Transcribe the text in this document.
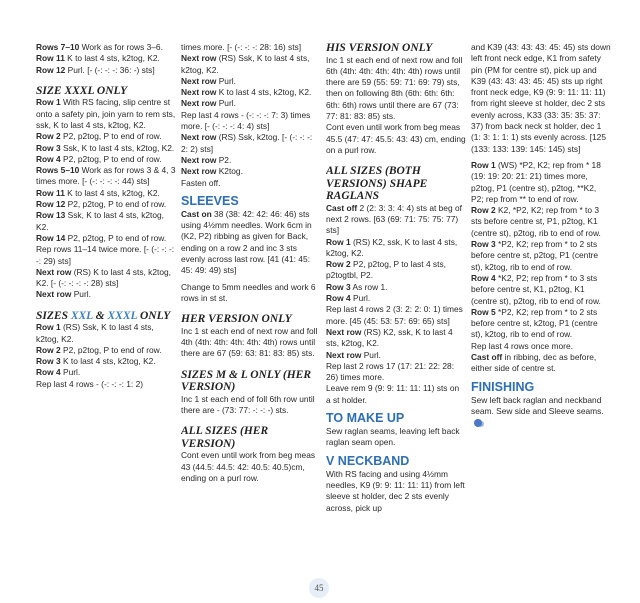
Rows 7–10 Work as for rows 3–6.

Row 11 K to last 4 sts, k2tog, K2.

Row 12 Purl. [- (-: -: -: 36: -) sts]

SIZE XXXL ONLY

Row 1 With RS facing, slip centre st onto a safety pin, join yarn to rem sts, ssk, K to last 4 sts, k2tog, K2.

Row 2 P2, p2tog, P to end of row.

Row 3 Ssk, K to last 4 sts, k2tog, K2.

Row 4 P2, p2tog, P to end of row.

Rows 5–10 Work as for rows 3 & 4, 3 times more. [- (-: -: -: -: 44) sts]

Row 11 K to last 4 sts, k2tog, K2.

Row 12 P2, p2tog, P to end of row.

Row 13 Ssk, K to last 4 sts, k2tog, K2.

Row 14 P2, p2tog, P to end of row.

Rep rows 11–14 twice more. [- (-: -: -: -: 29) sts]

Next row (RS) K to last 4 sts, k2tog, K2. [- (-: -: -: -: 28) sts]

Next row Purl.

SIZES XXL & XXXL ONLY

Row 1 (RS) Ssk, K to last 4 sts, k2tog, K2.

Row 2 P2, p2tog, P to end of row.

Row 3 K to last 4 sts, k2tog, K2.

Row 4 Purl.

Rep last 4 rows - (-: -: -: 1: 2)

times more. [- (-: -: -: 28: 16) sts]

Next row (RS) Ssk, K to last 4 sts, k2tog, K2.

Next row Purl.

Next row K to last 4 sts, k2tog, K2.

Next row Purl.

Rep last 4 rows - (-: -: -: 7: 3) times more. [- (-: -: -: 4: 4) sts]

Next row (RS) Ssk, k2tog. [- (-: -: -: 2: 2) sts]

Next row P2.

Next row K2tog.

Fasten off.

SLEEVES

Cast on 38 (38: 42: 42: 46: 46) sts using 4½mm needles. Work 6cm in (K2, P2) ribbing as given for Back, ending on a row 2 and inc 3 sts evenly across last row. [41 (41: 45: 45: 49: 49) sts]

Change to 5mm needles and work 6 rows in st st.

HER VERSION ONLY

Inc 1 st each end of next row and foll 4th (4th: 4th: 4th: 4th: 4th) rows until there are 67 (59: 63: 81: 83: 85) sts.

SIZES M & L ONLY (HER VERSION)

Inc 1 st each end of foll 6th row until there are - (73: 77: -: -: -) sts.

ALL SIZES (HER VERSION)

Cont even until work from beg meas 43 (44.5: 44.5: 42: 40.5: 40.5)cm, ending on a purl row.

HIS VERSION ONLY

Inc 1 st each end of next row and foll 6th (4th: 4th: 4th: 4th: 4th) rows until there are 59 (55: 59: 71: 69: 79) sts, then on following 8th (6th: 6th: 6th: 6th: 6th) rows until there are 67 (73: 77: 81: 83: 85) sts.

Cont even until work from beg meas 45.5 (47: 47: 45.5: 43: 43) cm, ending on a purl row.

ALL SIZES (BOTH VERSIONS) SHAPE RAGLANS

Cast off 2 (2: 3: 3: 4: 4) sts at beg of next 2 rows. [63 (69: 71: 75: 75: 77) sts]

Row 1 (RS) K2, ssk, K to last 4 sts, k2tog, K2.

Row 2 P2, p2tog, P to last 4 sts, p2togtbl, P2.

Row 3 As row 1.

Row 4 Purl.

Rep last 4 rows 2 (3: 2: 2: 0: 1) times more. [45 (45: 53: 57: 69: 65) sts]

Next row (RS) K2, ssk, K to last 4 sts, k2tog, K2.

Next row Purl.

Rep last 2 rows 17 (17: 21: 22: 28: 26) times more.

Leave rem 9 (9: 9: 11: 11: 11) sts on a st holder.

TO MAKE UP

Sew raglan seams, leaving left back raglan seam open.

V NECKBAND

With RS facing and using 4½mm needles, K9 (9: 9: 11: 11: 11) from left sleeve st holder, dec 2 sts evenly across, pick up

and K39 (43: 43: 43: 45: 45) sts down left front neck edge, K1 from safety pin (PM for centre st), pick up and K39 (43: 43: 43: 45: 45) sts up right front neck edge, K9 (9: 9: 11: 11: 11) from right sleeve st holder, dec 2 sts evenly across, K33 (33: 35: 35: 37: 37) from back neck st holder, dec 1 (1: 3: 1: 1: 1) sts evenly across. [125 (133: 133: 139: 145: 145) sts]

Row 1 (WS) *P2, K2; rep from * 18 (19: 19: 20: 21: 21) times more, p2tog, P1 (centre st), p2tog, **K2, P2; rep from ** to end of row.

Row 2 K2, *P2, K2; rep from * to 3 sts before centre st, P1, p2tog, K1 (centre st), p2tog, rib to end of row.

Row 3 *P2, K2; rep from * to 2 sts before centre st, p2tog, P1 (centre st), k2tog, rib to end of row.

Row 4 *K2, P2; rep from * to 3 sts before centre st, K1, p2tog, K1 (centre st), p2tog, rib to end of row.

Row 5 *P2, K2; rep from * to 2 sts before centre st, k2tog, P1 (centre st), k2tog, rib to end of row.

Rep last 4 rows once more.

Cast off in ribbing, dec as before, either side of centre st.

FINISHING

Sew left back raglan and neckband seam. Sew side and Sleeve seams.

45
